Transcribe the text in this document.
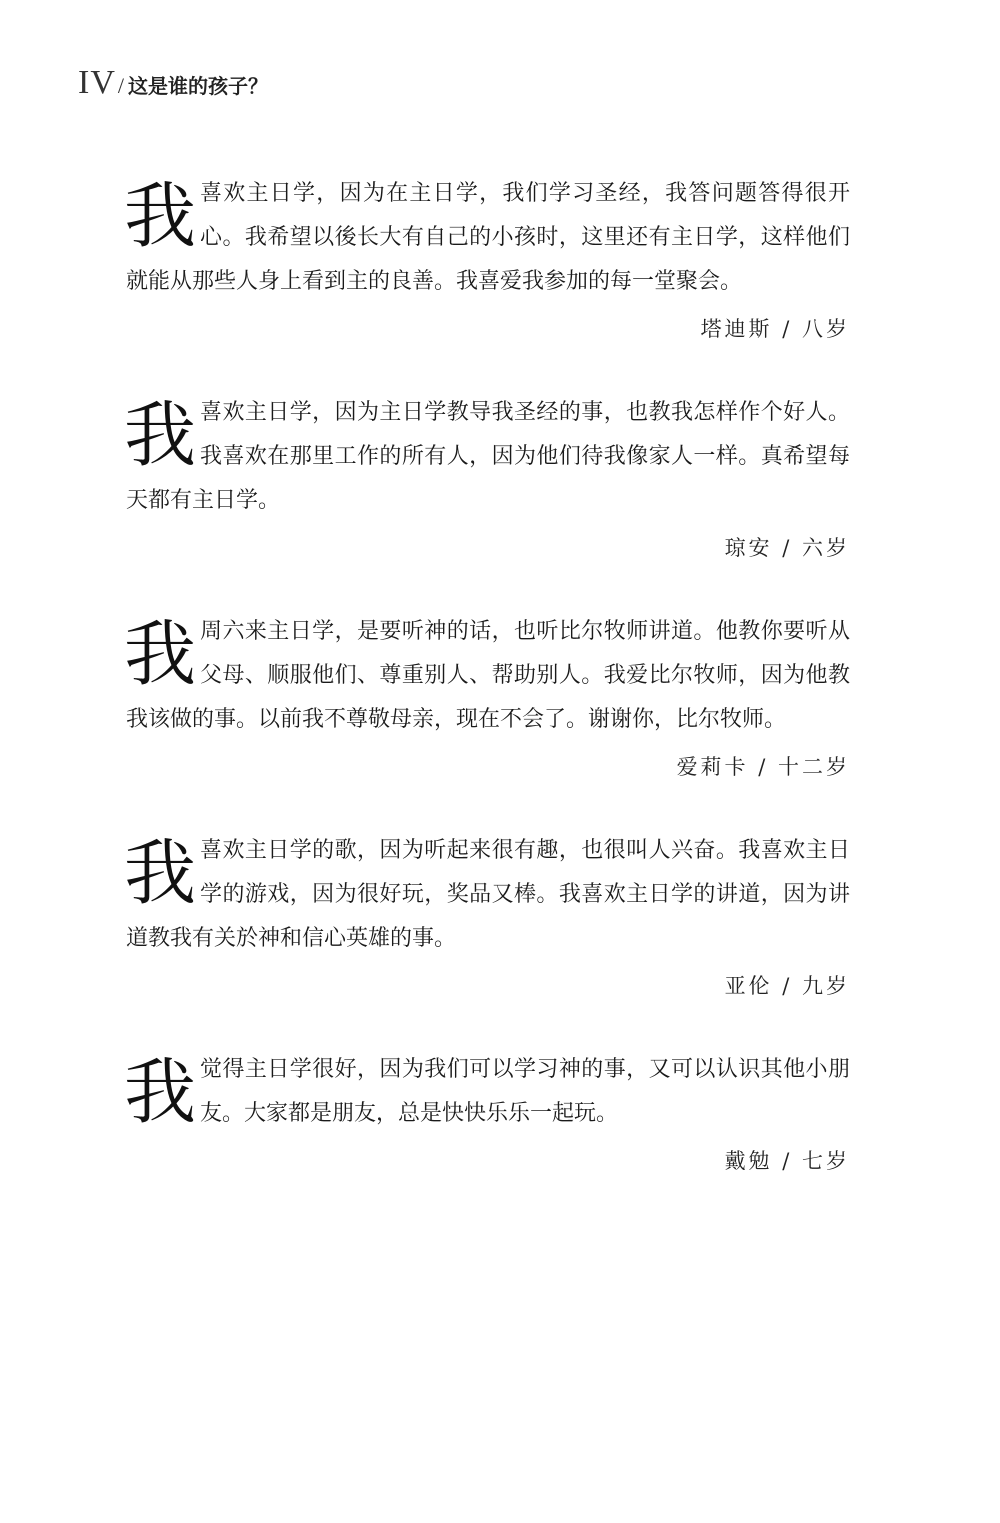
IV / 这是谁的孩子？

我喜欢主日学，因为在主日学，我们学习圣经，我答问题答得很开心。我希望以後长大有自己的小孩时，这里还有主日学，这样他们就能从那些人身上看到主的良善。我喜爱我参加的每一堂聚会。

塔迪斯 / 八岁

我喜欢主日学，因为主日学教导我圣经的事，也教我怎样作个好人。我喜欢在那里工作的所有人，因为他们待我像家人一样。真希望每天都有主日学。

琼安 / 六岁

我周六来主日学，是要听神的话，也听比尔牧师讲道。他教你要听从父母、顺服他们、尊重别人、帮助别人。我爱比尔牧师，因为他教我该做的事。以前我不尊敬母亲，现在不会了。谢谢你，比尔牧师。

爱莉卡 / 十二岁

我喜欢主日学的歌，因为听起来很有趣，也很叫人兴奋。我喜欢主日学的游戏，因为很好玩，奖品又棒。我喜欢主日学的讲道，因为讲道教我有关於神和信心英雄的事。

亚伦 / 九岁

我觉得主日学很好，因为我们可以学习神的事，又可以认识其他小朋友。大家都是朋友，总是快快乐乐一起玩。

戴勉 / 七岁
